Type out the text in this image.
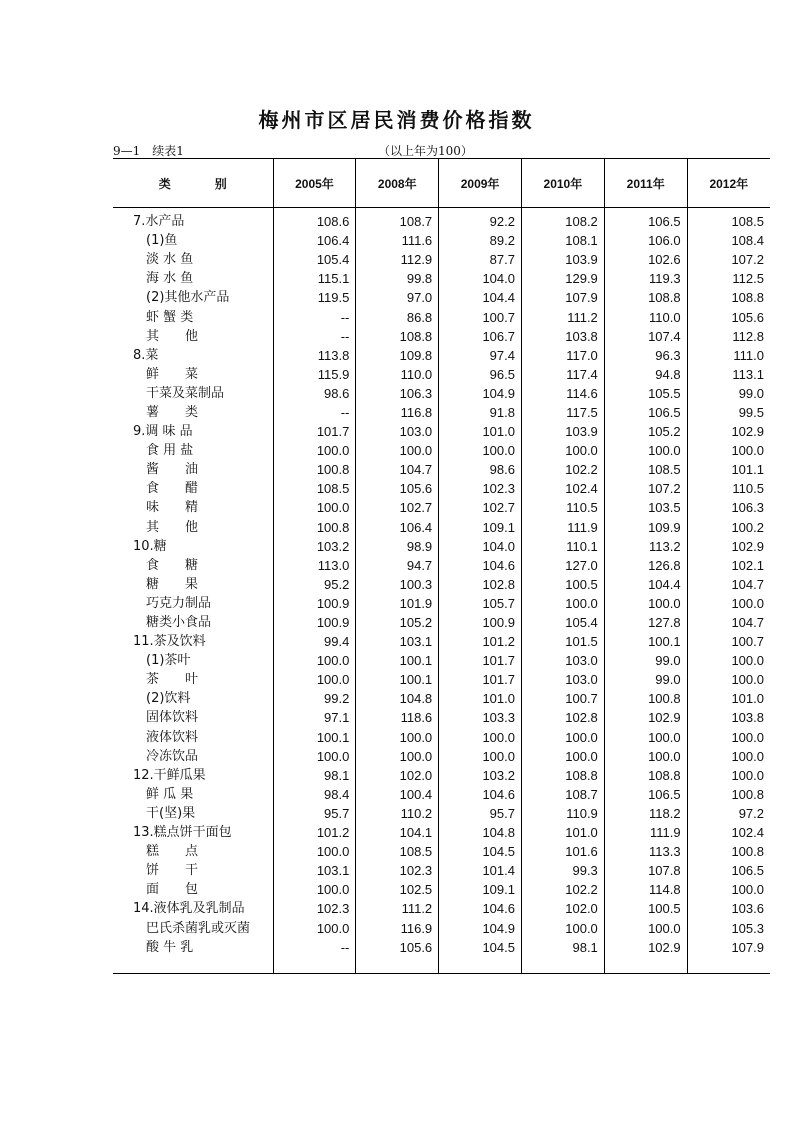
梅州市区居民消费价格指数
9—1　续表1	（以上年为100）
类 别	2005年	2008年	2009年	2010年	2011年	2012年

7.水产品	108.6	108.7	92.2	108.2	106.5	108.5
(1)鱼	106.4	111.6	89.2	108.1	106.0	108.4
淡 水 鱼	105.4	112.9	87.7	103.9	102.6	107.2
海 水 鱼	115.1	99.8	104.0	129.9	119.3	112.5
(2)其他水产品	119.5	97.0	104.4	107.9	108.8	108.8
虾 蟹 类	--	86.8	100.7	111.2	110.0	105.6
其　　他	--	108.8	106.7	103.8	107.4	112.8
8.菜	113.8	109.8	97.4	117.0	96.3	111.0
鲜　　菜	115.9	110.0	96.5	117.4	94.8	113.1
干菜及菜制品	98.6	106.3	104.9	114.6	105.5	99.0
薯　　类	--	116.8	91.8	117.5	106.5	99.5
9.调 味 品	101.7	103.0	101.0	103.9	105.2	102.9
食 用 盐	100.0	100.0	100.0	100.0	100.0	100.0
酱　　油	100.8	104.7	98.6	102.2	108.5	101.1
食　　醋	108.5	105.6	102.3	102.4	107.2	110.5
味　　精	100.0	102.7	102.7	110.5	103.5	106.3
其　　他	100.8	106.4	109.1	111.9	109.9	100.2
10.糖	103.2	98.9	104.0	110.1	113.2	102.9
食　　糖	113.0	94.7	104.6	127.0	126.8	102.1
糖　　果	95.2	100.3	102.8	100.5	104.4	104.7
巧克力制品	100.9	101.9	105.7	100.0	100.0	100.0
糖类小食品	100.9	105.2	100.9	105.4	127.8	104.7
11.茶及饮料	99.4	103.1	101.2	101.5	100.1	100.7
(1)茶叶	100.0	100.1	101.7	103.0	99.0	100.0
茶　　叶	100.0	100.1	101.7	103.0	99.0	100.0
(2)饮料	99.2	104.8	101.0	100.7	100.8	101.0
固体饮料	97.1	118.6	103.3	102.8	102.9	103.8
液体饮料	100.1	100.0	100.0	100.0	100.0	100.0
冷冻饮品	100.0	100.0	100.0	100.0	100.0	100.0
12.干鲜瓜果	98.1	102.0	103.2	108.8	108.8	100.0
鲜 瓜 果	98.4	100.4	104.6	108.7	106.5	100.8
干(坚)果	95.7	110.2	95.7	110.9	118.2	97.2
13.糕点饼干面包	101.2	104.1	104.8	101.0	111.9	102.4
糕　　点	100.0	108.5	104.5	101.6	113.3	100.8
饼　　干	103.1	102.3	101.4	99.3	107.8	106.5
面　　包	100.0	102.5	109.1	102.2	114.8	100.0
14.液体乳及乳制品	102.3	111.2	104.6	102.0	100.5	103.6
巴氏杀菌乳或灭菌	100.0	116.9	104.9	100.0	100.0	105.3
酸 牛 乳	--	105.6	104.5	98.1	102.9	107.9
